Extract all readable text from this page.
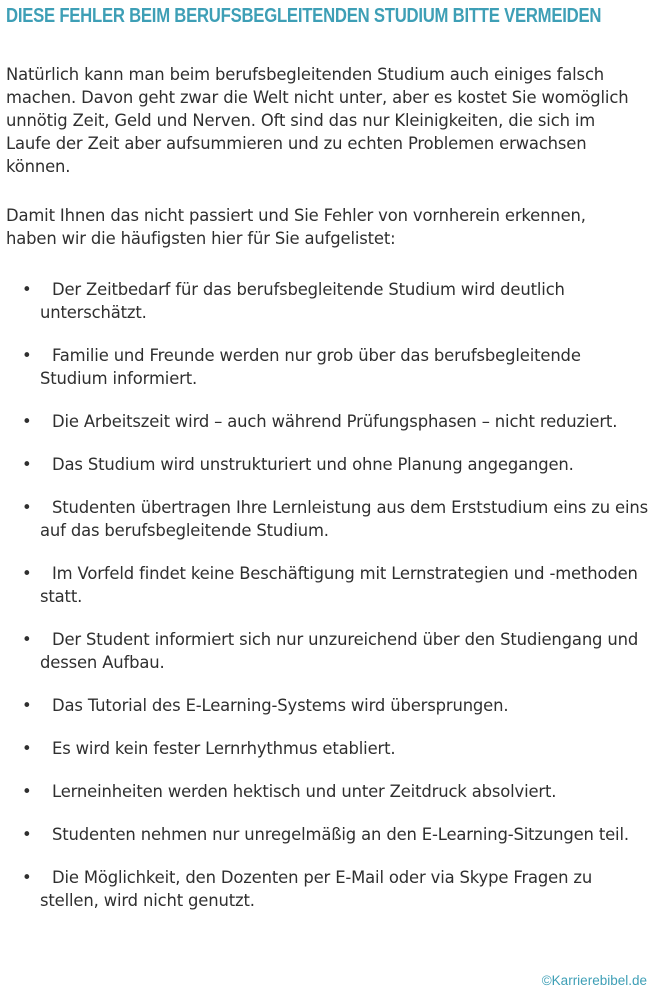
DIESE FEHLER BEIM BERUFSBEGLEITENDEN STUDIUM BITTE VERMEIDEN

Natürlich kann man beim berufsbegleitenden Studium auch einiges falsch machen. Davon geht zwar die Welt nicht unter, aber es kostet Sie womöglich unnötig Zeit, Geld und Nerven. Oft sind das nur Kleinigkeiten, die sich im Laufe der Zeit aber aufsummieren und zu echten Problemen erwachsen können.

Damit Ihnen das nicht passiert und Sie Fehler von vornherein erkennen, haben wir die häufigsten hier für Sie aufgelistet:

•	Der Zeitbedarf für das berufsbegleitende Studium wird deutlich unterschätzt.
•	Familie und Freunde werden nur grob über das berufsbegleitende Studium informiert.
•	Die Arbeitszeit wird – auch während Prüfungsphasen – nicht reduziert.
•	Das Studium wird unstrukturiert und ohne Planung angegangen.
•	Studenten übertragen Ihre Lernleistung aus dem Erststudium eins zu eins auf das berufsbegleitende Studium.
•	Im Vorfeld findet keine Beschäftigung mit Lernstrategien und -methoden statt.
•	Der Student informiert sich nur unzureichend über den Studiengang und dessen Aufbau.
•	Das Tutorial des E-Learning-Systems wird übersprungen.
•	Es wird kein fester Lernrhythmus etabliert.
•	Lerneinheiten werden hektisch und unter Zeitdruck absolviert.
•	Studenten nehmen nur unregelmäßig an den E-Learning-Sitzungen teil.
•	Die Möglichkeit, den Dozenten per E-Mail oder via Skype Fragen zu stellen, wird nicht genutzt.
©Karrierebibel.de
